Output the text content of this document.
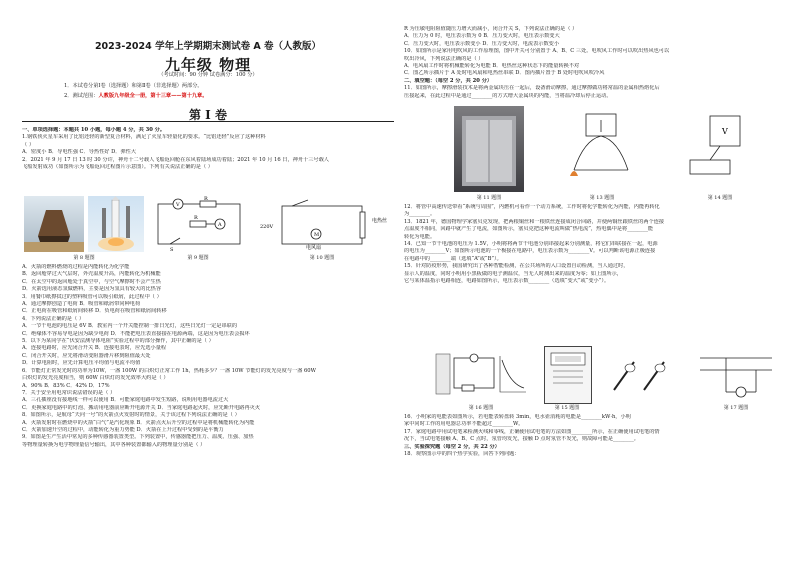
2023-2024 学年上学期期末测试卷 A 卷（人教版）
九年级 物理
（考试时间：90 分钟 试卷满分：100 分）
1．本试卷分第Ⅰ卷（选择题）和第Ⅱ卷（非选择题）两部分。
2．测试范围：人教版九年级全一册，第十三章——第十九章。
第 Ⅰ 卷
一、单项选择题：本题共 10 小题，每小题 4 分，共 30 分。
1.钢铁侠火星车采用了比铝还轻的新型复合材料，满足了火星车轻量化的要求。“比铝还轻”反应了这种材料
（ ）
A．密度小 B．导电性强 C．导热性好 D．弹性大
2．2021 年 9 月 17 日 13 时 30 分许，神舟十二号载人飞船返回舱在东风着陆场成功着陆；2021 年 10 月 16 日，神舟十三号载人
飞船发射成功（如图所示为飞船返回过程图片示意图）。下列有关说法正确的是（ ）
第 8 题图
V
R
R
A
S
第 9 题图
M
220V
电风扇
电热丝
第 10 题图
A．火箭的燃料燃烧的过程是内能转化为化学能
B．返回舱穿过大气层时，外壳温度升高，内能转化为机械能
C．在太空中的返回舱处于真空中，与空气摩擦时不会产生热
D．火箭选用液态氢做燃料，主要是因为氢具有较大的比热容
3．用餐巾纸擦拭过的塑料吸管可以吸引纸屑，此过程中（ ）
A．通过摩擦创造了电荷 B．吸管和纸屑带同种电荷
C．正电荷在吸管和纸屑间转移 D．负电荷在吸管和纸屑间转移
4．下列说法正确的是（ ）
A．一节干电池的电压是 6V B．教室内一个开关能控制一排日光灯，这些日光灯一定是串联的
C．绝缘体不容易导电是因为缺少电荷 D．不能把电压表直接接在电源两端，这是因为电压表会损坏
5．以下为某同学在“伏安法测导体电阻”实验过程中的部分操作，其中正确的是（ ）
A．连接电路时，应先闭合开关 B．连接电表时，应先选小量程
C．闭合开关时，应先将滑动变阻器滑片移到阻值最大处
D．计算电阻时，应先计算电压平均值与电流平均值
6．节能灯正常发光时的功率为10W，一盏 100W 的白炽灯正常工作 1h，热耗多少？一盏 10W 节能灯的发光亮度与一盏 60W
白炽灯的发光亮度相当，则 60W 白炽灯的发光效率大约是（ ）
A．90% B．83% C．42% D．17%
7．关于安全用电常识说法错误的是（ ）
A．三孔插座没有接地线一样可以使用 B．可能家庭电路中发生短路，说明用电器电流过大
C．更换家庭电路中的灯泡、搬动用电器前应断开电源开关 D．当家庭电路起火时，应先断开电路再灭火
8．如图所示，是航母“天问一号”的火箭点火发射时的情景，关于该过程下列说法正确的是（ ）
A．火箭发射时在燃烧中的火箭“白气”是汽化现象 B．火箭点火后升空的过程中是将机械能转化为内能
C．火箭加速升空的过程中，动能转化为重力势能 D．火箭在上升过程中受到的是平衡力
9．如图是生产生活中常见的多种传感器装置类型。下列装置中，传感器能把压力、温度、压强、加热
等物理量转换为电学物理量信号输出，其中各种装置都输入的物理量分别是（ ）
R 为压敏电阻阻值随压力增大而减小，闭合开关 S，下列说法正确的是（ ）
A．压力为 0 时，电压表示数为 0 B．压力变大时，电压表示数变大
C．压力变大时，电压表示数变小 D．压力变大时，电流表示数变小
10．如图所示是家用电吹风的工作原理图，图中开关可分别置于 A、B、C 三处。电吹风工作时可以吹出热风也可以
吹出冷风，下列说法正确的是（ ）
A．电风扇工作时将机械能转化为电能 B．电热丝这种状态下的能量转换不对
C．图乙所示插片于 A 处时电风扇和电热丝串联 D．图丙插片置于 B 处时电吹风吹冷风
二、填空题：（每空 2 分，共 20 分）
11．如图所示，摩擦滑装技术是将两金属块压在一起后，设备滑动摩擦，通过摩擦做功将常温的金属相热熔化后
压接起来，在此过程中是通过________的方式增大金属块的内能，当将温冷却后停止运动。
第 11 题图	第 13 题图
V
第 14 题图
12．将管中高速传送带看“系统与周围”，内燃机可看作一个动力系统，工作时将化学能转化为内能，内能再转化
为________。
13．1821 年，德国物理学家塞贝克发现，把两根铜丝和一根铁丝连接成闭合回路，并使两铜丝跟铁丝的两个连接
点温度不相同，回路中就产生了电流，如图所示，塞贝克把这种电流叫做“热电流”，热电偶中是将________能
转化为电能。
14．已知一节干电池的电压为 1.5V，小明将将两节干电池分别串接起来分别测量，将它们串联接在一起，电源
的电压为________V；如图所示电池的一个极接在电路中，电压表示数为________V。可以判断该电源正极连接
在电路中的________端（选填“A”或“B”）。
15．针对防疫形势，我国研究出了各种智能检测，在公共场所的入口设置自动检测，当人通过时，
显示人的温度，同时小明用小黑板做的电子测温仪，当无人时测出来的温度为零；如上图所示，
它与某体温指示电路相连，电路如图所示，电压表示数________（选填“变大”或“变小”）。
第 16 题图	第 15 题图	第 17 题图
16．小明家的电能表如图所示，若电能表转盘转 3min，电水壶消耗的电能是________kW·h，小明
家中同时工作的用电器总功率不能超过________W。
17．家庭电路中用试电笔来检测火线和零线，正确使用试电笔的方法如图________所示，在正确使用试电笔的情
况下，当试电笔接触 A、B、C 点时，氖管均发光，接触 D 点时氖管不发光，则故障可能是________。
三、实验探究题（每空 2 分，共 22 分）
18．观察图示中的四个热学实验，回答下列问题：
